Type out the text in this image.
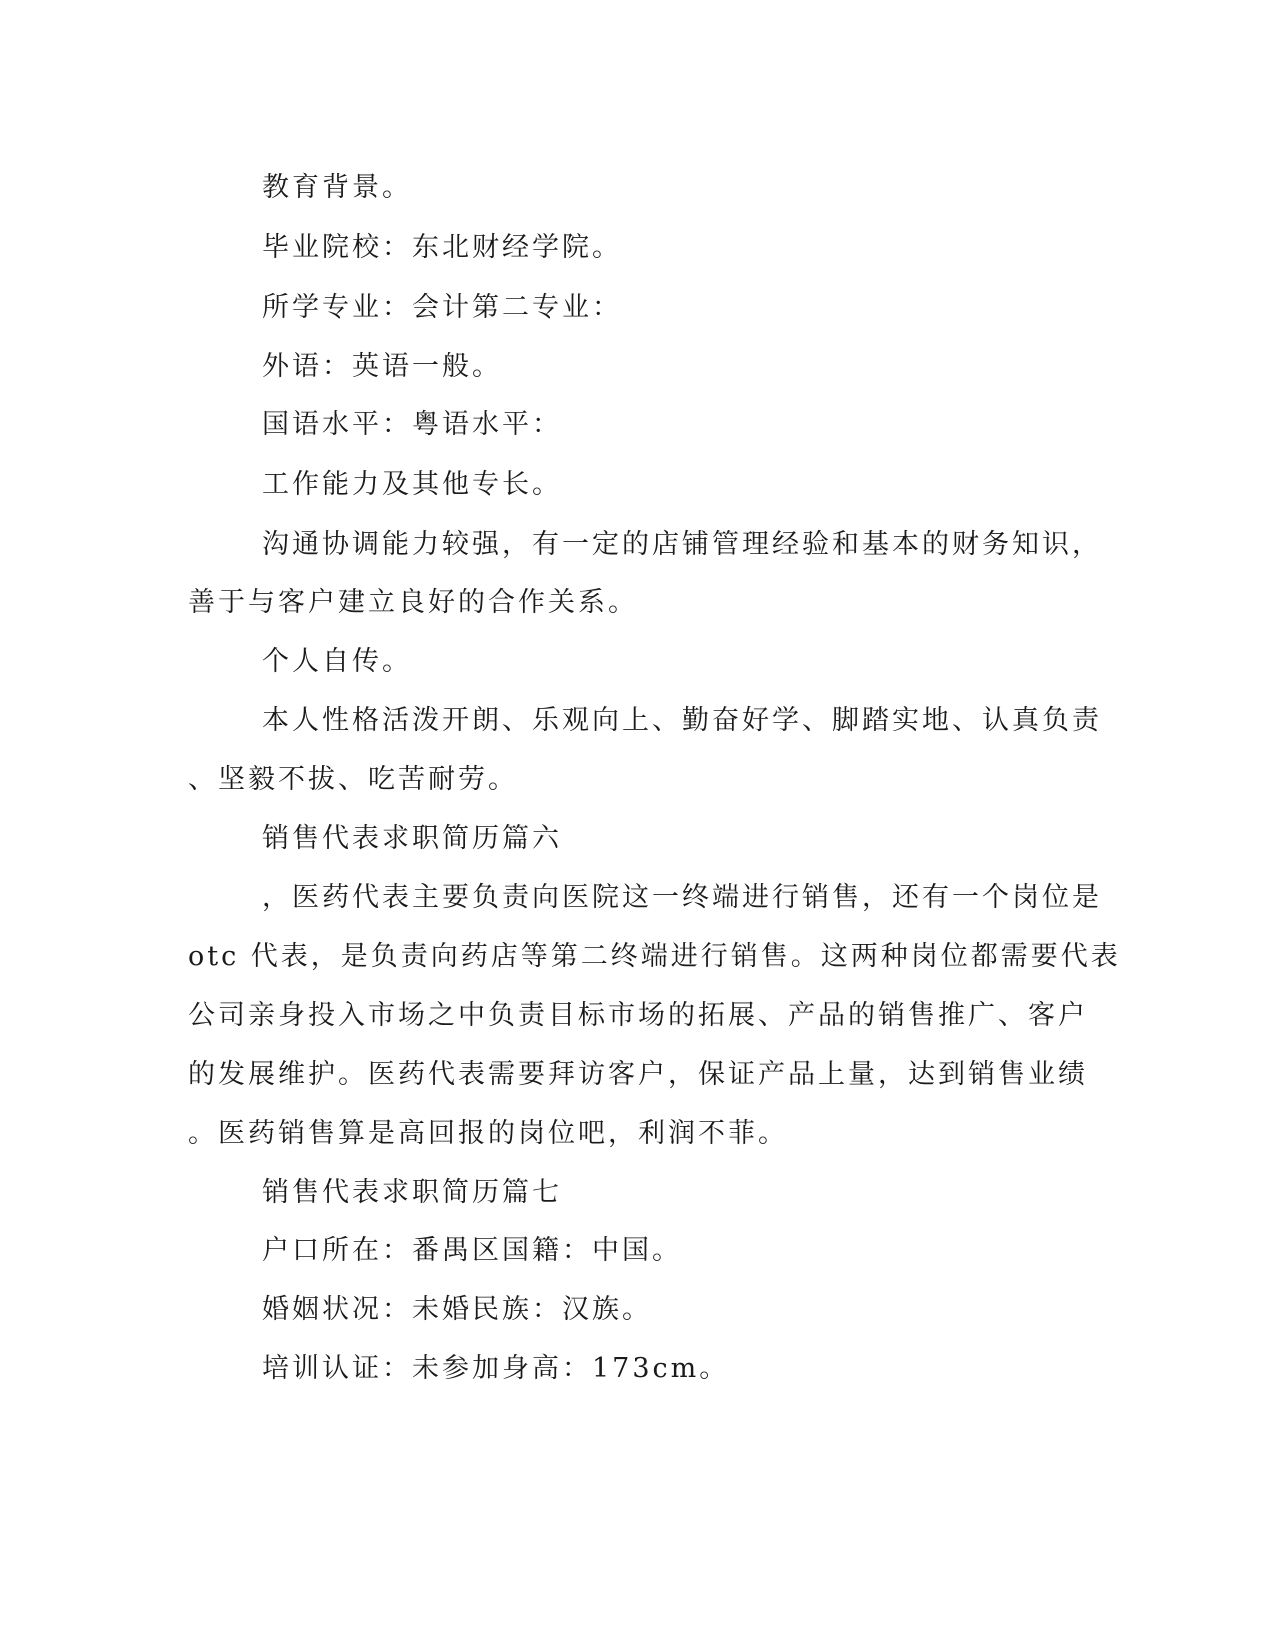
教育背景。
毕业院校：东北财经学院。
所学专业：会计第二专业：
外语：英语一般。
国语水平：粤语水平：
工作能力及其他专长。
沟通协调能力较强，有一定的店铺管理经验和基本的财务知识，
善于与客户建立良好的合作关系。
个人自传。
本人性格活泼开朗、乐观向上、勤奋好学、脚踏实地、认真负责
、坚毅不拔、吃苦耐劳。
销售代表求职简历篇六
，医药代表主要负责向医院这一终端进行销售，还有一个岗位是
otc 代表，是负责向药店等第二终端进行销售。这两种岗位都需要代表
公司亲身投入市场之中负责目标市场的拓展、产品的销售推广、客户
的发展维护。医药代表需要拜访客户，保证产品上量，达到销售业绩
。医药销售算是高回报的岗位吧，利润不菲。
销售代表求职简历篇七
户口所在：番禺区国籍：中国。
婚姻状况：未婚民族：汉族。
培训认证：未参加身高：173cm。
